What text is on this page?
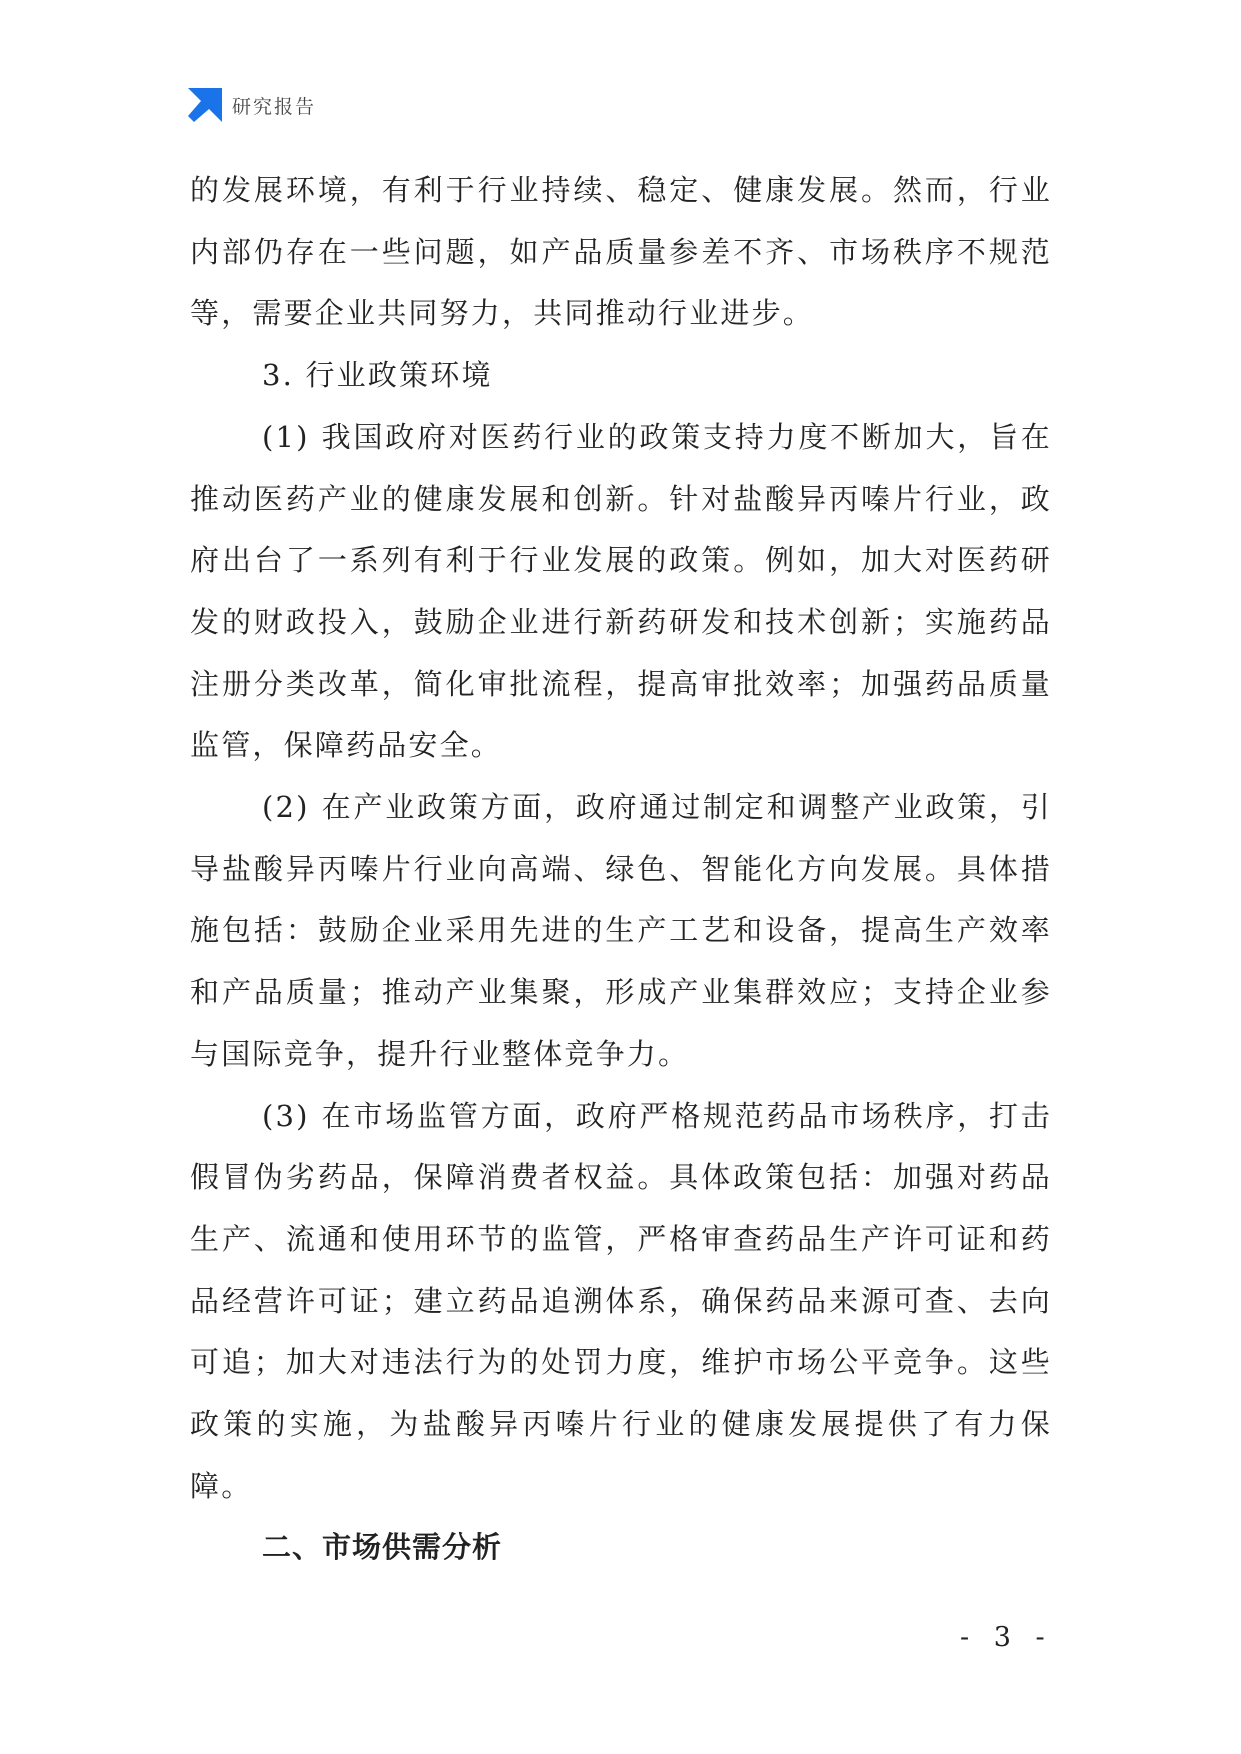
研究报告

的发展环境，有利于行业持续、稳定、健康发展。然而，行业内部仍存在一些问题，如产品质量参差不齐、市场秩序不规范等，需要企业共同努力，共同推动行业进步。

3. 行业政策环境

(1) 我国政府对医药行业的政策支持力度不断加大，旨在推动医药产业的健康发展和创新。针对盐酸异丙嗪片行业，政府出台了一系列有利于行业发展的政策。例如，加大对医药研发的财政投入，鼓励企业进行新药研发和技术创新；实施药品注册分类改革，简化审批流程，提高审批效率；加强药品质量监管，保障药品安全。

(2) 在产业政策方面，政府通过制定和调整产业政策，引导盐酸异丙嗪片行业向高端、绿色、智能化方向发展。具体措施包括：鼓励企业采用先进的生产工艺和设备，提高生产效率和产品质量；推动产业集聚，形成产业集群效应；支持企业参与国际竞争，提升行业整体竞争力。

(3) 在市场监管方面，政府严格规范药品市场秩序，打击假冒伪劣药品，保障消费者权益。具体政策包括：加强对药品生产、流通和使用环节的监管，严格审查药品生产许可证和药品经营许可证；建立药品追溯体系，确保药品来源可查、去向可追；加大对违法行为的处罚力度，维护市场公平竞争。这些政策的实施，为盐酸异丙嗪片行业的健康发展提供了有力保障。

二、市场供需分析

- 3 -
